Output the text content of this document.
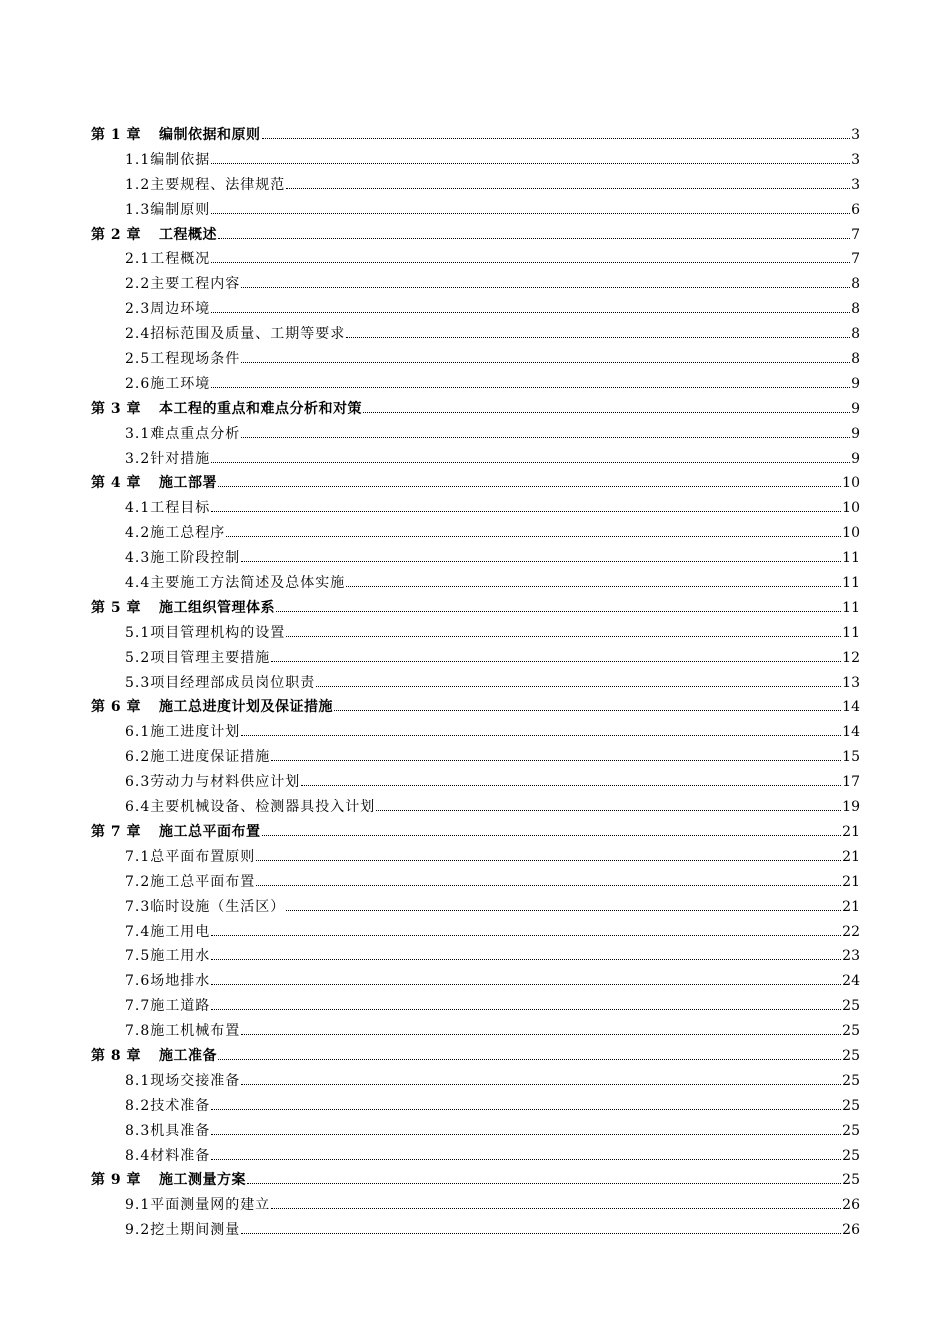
第 1 章 编制依据和原则	3
1.1编制依据	3
1.2主要规程、法律规范	3
1.3编制原则	6
第 2 章 工程概述	7
2.1工程概况	7
2.2主要工程内容	8
2.3周边环境	8
2.4招标范围及质量、工期等要求	8
2.5工程现场条件	8
2.6施工环境	9
第 3 章 本工程的重点和难点分析和对策	9
3.1难点重点分析	9
3.2针对措施	9
第 4 章 施工部署	10
4.1工程目标	10
4.2施工总程序	10
4.3施工阶段控制	11
4.4主要施工方法简述及总体实施	11
第 5 章 施工组织管理体系	11
5.1项目管理机构的设置	11
5.2项目管理主要措施	12
5.3项目经理部成员岗位职责	13
第 6 章 施工总进度计划及保证措施	14
6.1施工进度计划	14
6.2施工进度保证措施	15
6.3劳动力与材料供应计划	17
6.4主要机械设备、检测器具投入计划	19
第 7 章 施工总平面布置	21
7.1总平面布置原则	21
7.2施工总平面布置	21
7.3临时设施（生活区）	21
7.4施工用电	22
7.5施工用水	23
7.6场地排水	24
7.7施工道路	25
7.8施工机械布置	25
第 8 章 施工准备	25
8.1现场交接准备	25
8.2技术准备	25
8.3机具准备	25
8.4材料准备	25
第 9 章 施工测量方案	25
9.1平面测量网的建立	26
9.2挖土期间测量	26
